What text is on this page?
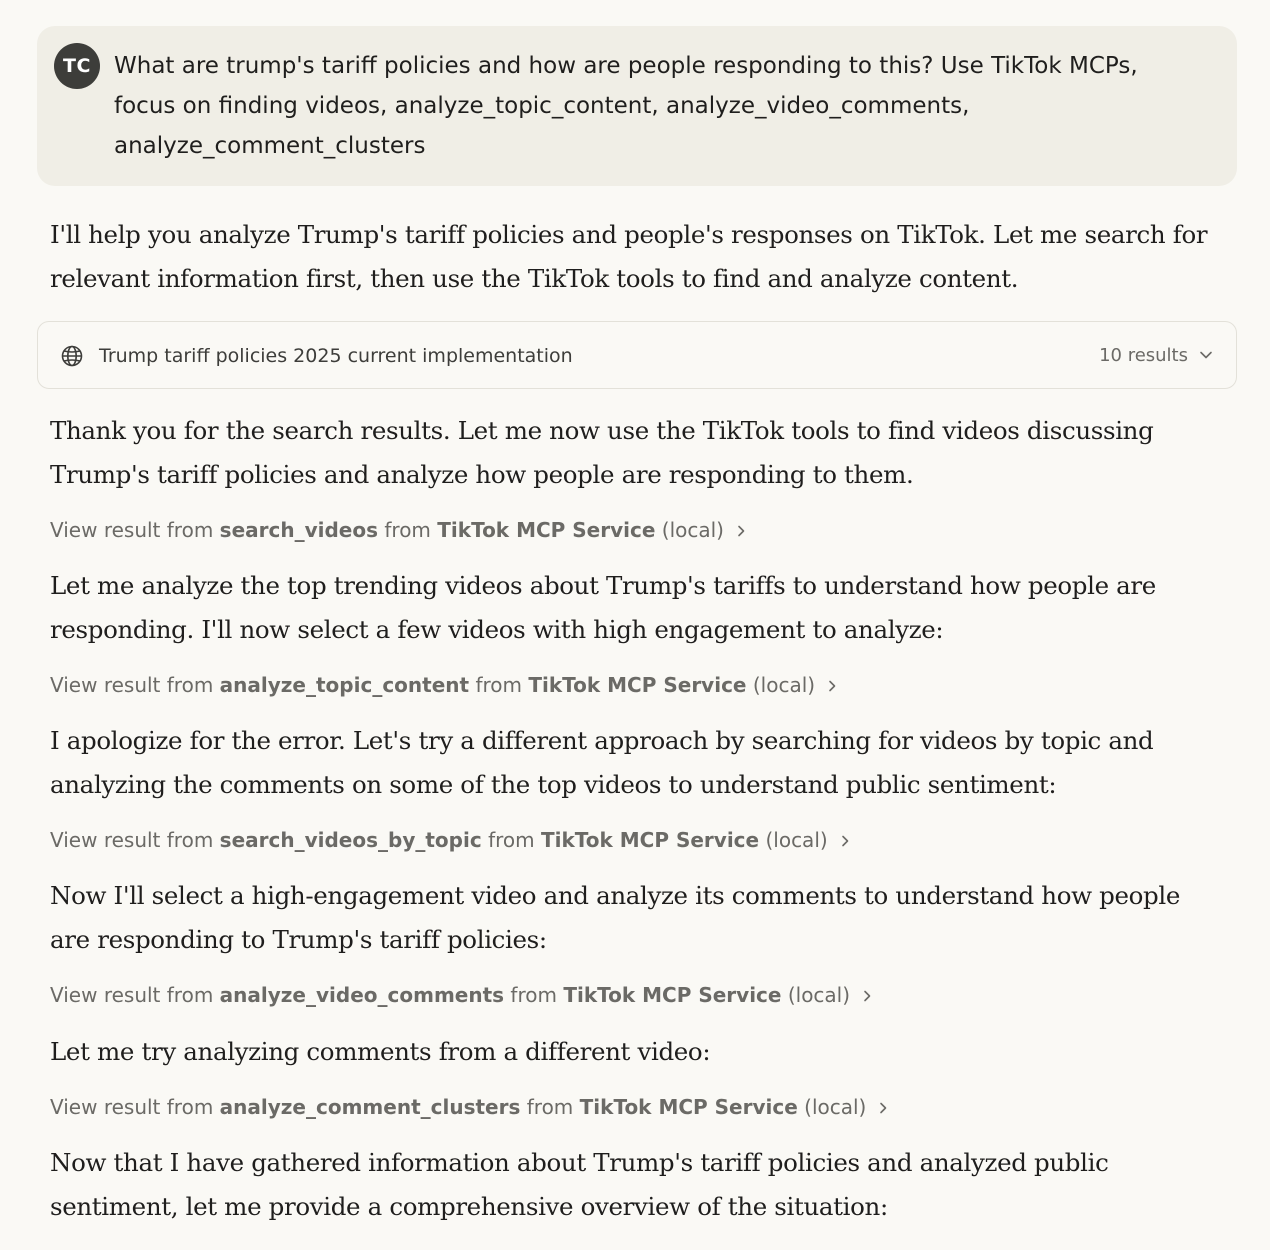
TC	What are trump's tariff policies and how are people responding to this? Use TikTok MCPs, focus on finding videos, analyze_topic_content, analyze_video_comments, analyze_comment_clusters

I'll help you analyze Trump's tariff policies and people's responses on TikTok. Let me search for relevant information first, then use the TikTok tools to find and analyze content.

Trump tariff policies 2025 current implementation	10 results

Thank you for the search results. Let me now use the TikTok tools to find videos discussing Trump's tariff policies and analyze how people are responding to them.

View result from search_videos from TikTok MCP Service (local)

Let me analyze the top trending videos about Trump's tariffs to understand how people are responding. I'll now select a few videos with high engagement to analyze:

View result from analyze_topic_content from TikTok MCP Service (local)

I apologize for the error. Let's try a different approach by searching for videos by topic and analyzing the comments on some of the top videos to understand public sentiment:

View result from search_videos_by_topic from TikTok MCP Service (local)

Now I'll select a high-engagement video and analyze its comments to understand how people are responding to Trump's tariff policies:

View result from analyze_video_comments from TikTok MCP Service (local)

Let me try analyzing comments from a different video:

View result from analyze_comment_clusters from TikTok MCP Service (local)

Now that I have gathered information about Trump's tariff policies and analyzed public sentiment, let me provide a comprehensive overview of the situation:
